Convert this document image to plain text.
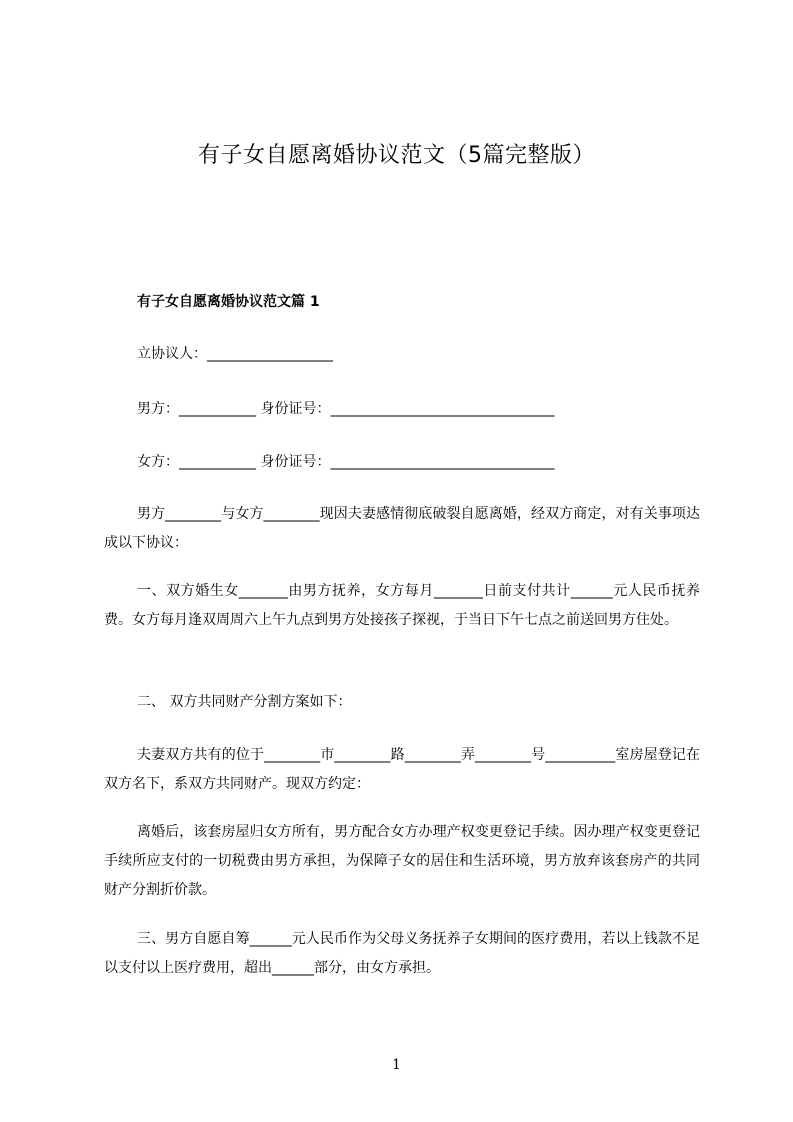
有子女自愿离婚协议范文（5篇完整版）
有子女自愿离婚协议范文篇 1
立协议人：__________________
男方：___________ 身份证号：________________________________
女方：___________ 身份证号：________________________________
男方________与女方________现因夫妻感情彻底破裂自愿离婚，经双方商定，对有关事项达成以下协议：
一、双方婚生女_______由男方抚养，女方每月_______日前支付共计______元人民币抚养费。女方每月逢双周周六上午九点到男方处接孩子探视，于当日下午七点之前送回男方住处。
二、 双方共同财产分割方案如下：
夫妻双方共有的位于________市________路________弄________号__________室房屋登记在双方名下，系双方共同财产。现双方约定：
离婚后，该套房屋归女方所有，男方配合女方办理产权变更登记手续。因办理产权变更登记手续所应支付的一切税费由男方承担，为保障子女的居住和生活环境，男方放弃该套房产的共同财产分割折价款。
三、男方自愿自筹______元人民币作为父母义务抚养子女期间的医疗费用，若以上钱款不足以支付以上医疗费用，超出______部分，由女方承担。
1
